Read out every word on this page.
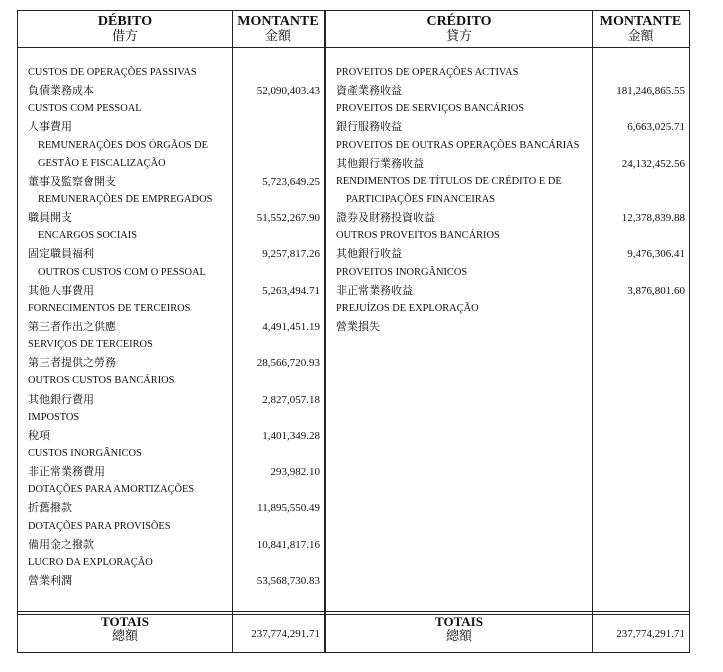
DÉBITO
借方
MONTANTE
金額
CUSTOS DE OPERAÇÕES PASSIVAS
負債業務成本	52,090,403.43
CUSTOS COM PESSOAL
人事費用
REMUNERAÇÕES DOS ÓRGÃOS DE
GESTÃO E FISCALIZAÇÃO
董事及監察會開支	5,723,649.25
REMUNERAÇÕES DE EMPREGADOS
職員開支	51,552,267.90
ENCARGOS SOCIAIS
固定職員福利	9,257,817.26
OUTROS CUSTOS COM O PESSOAL
其他人事費用	5,263,494.71
FORNECIMENTOS DE TERCEIROS
第三者作出之供應	4,491,451.19
SERVIÇOS DE TERCEIROS
第三者提供之勞務	28,566,720.93
OUTROS CUSTOS BANCÁRIOS
其他銀行費用	2,827,057.18
IMPOSTOS
稅項	1,401,349.28
CUSTOS INORGÂNICOS
非正常業務費用	293,982.10
DOTAÇÕES PARA AMORTIZAÇÕES
折舊撥款	11,895,550.49
DOTAÇÕES PARA PROVISÕES
備用金之撥款	10,841,817.16
LUCRO DA EXPLORAÇÃO
營業利潤	53,568,730.83
TOTAIS
總額	237,774,291.71
CRÉDITO
貸方
MONTANTE
金額
PROVEITOS DE OPERAÇÕES ACTIVAS
資產業務收益	181,246,865.55
PROVEITOS DE SERVIÇOS BANCÁRIOS
銀行服務收益	6,663,025.71
PROVEITOS DE OUTRAS OPERAÇÕES BANCÁRIAS
其他銀行業務收益	24,132,452.56
RENDIMENTOS DE TÍTULOS DE CRÉDITO E DE
PARTICIPAÇÕES FINANCEIRAS
證券及財務投資收益	12,378,839.88
OUTROS PROVEITOS BANCÁRIOS
其他銀行收益	9,476,306.41
PROVEITOS INORGÂNICOS
非正常業務收益	3,876,801.60
PREJUÍZOS DE EXPLORAÇÃO
營業損失
TOTAIS
總額	237,774,291.71
